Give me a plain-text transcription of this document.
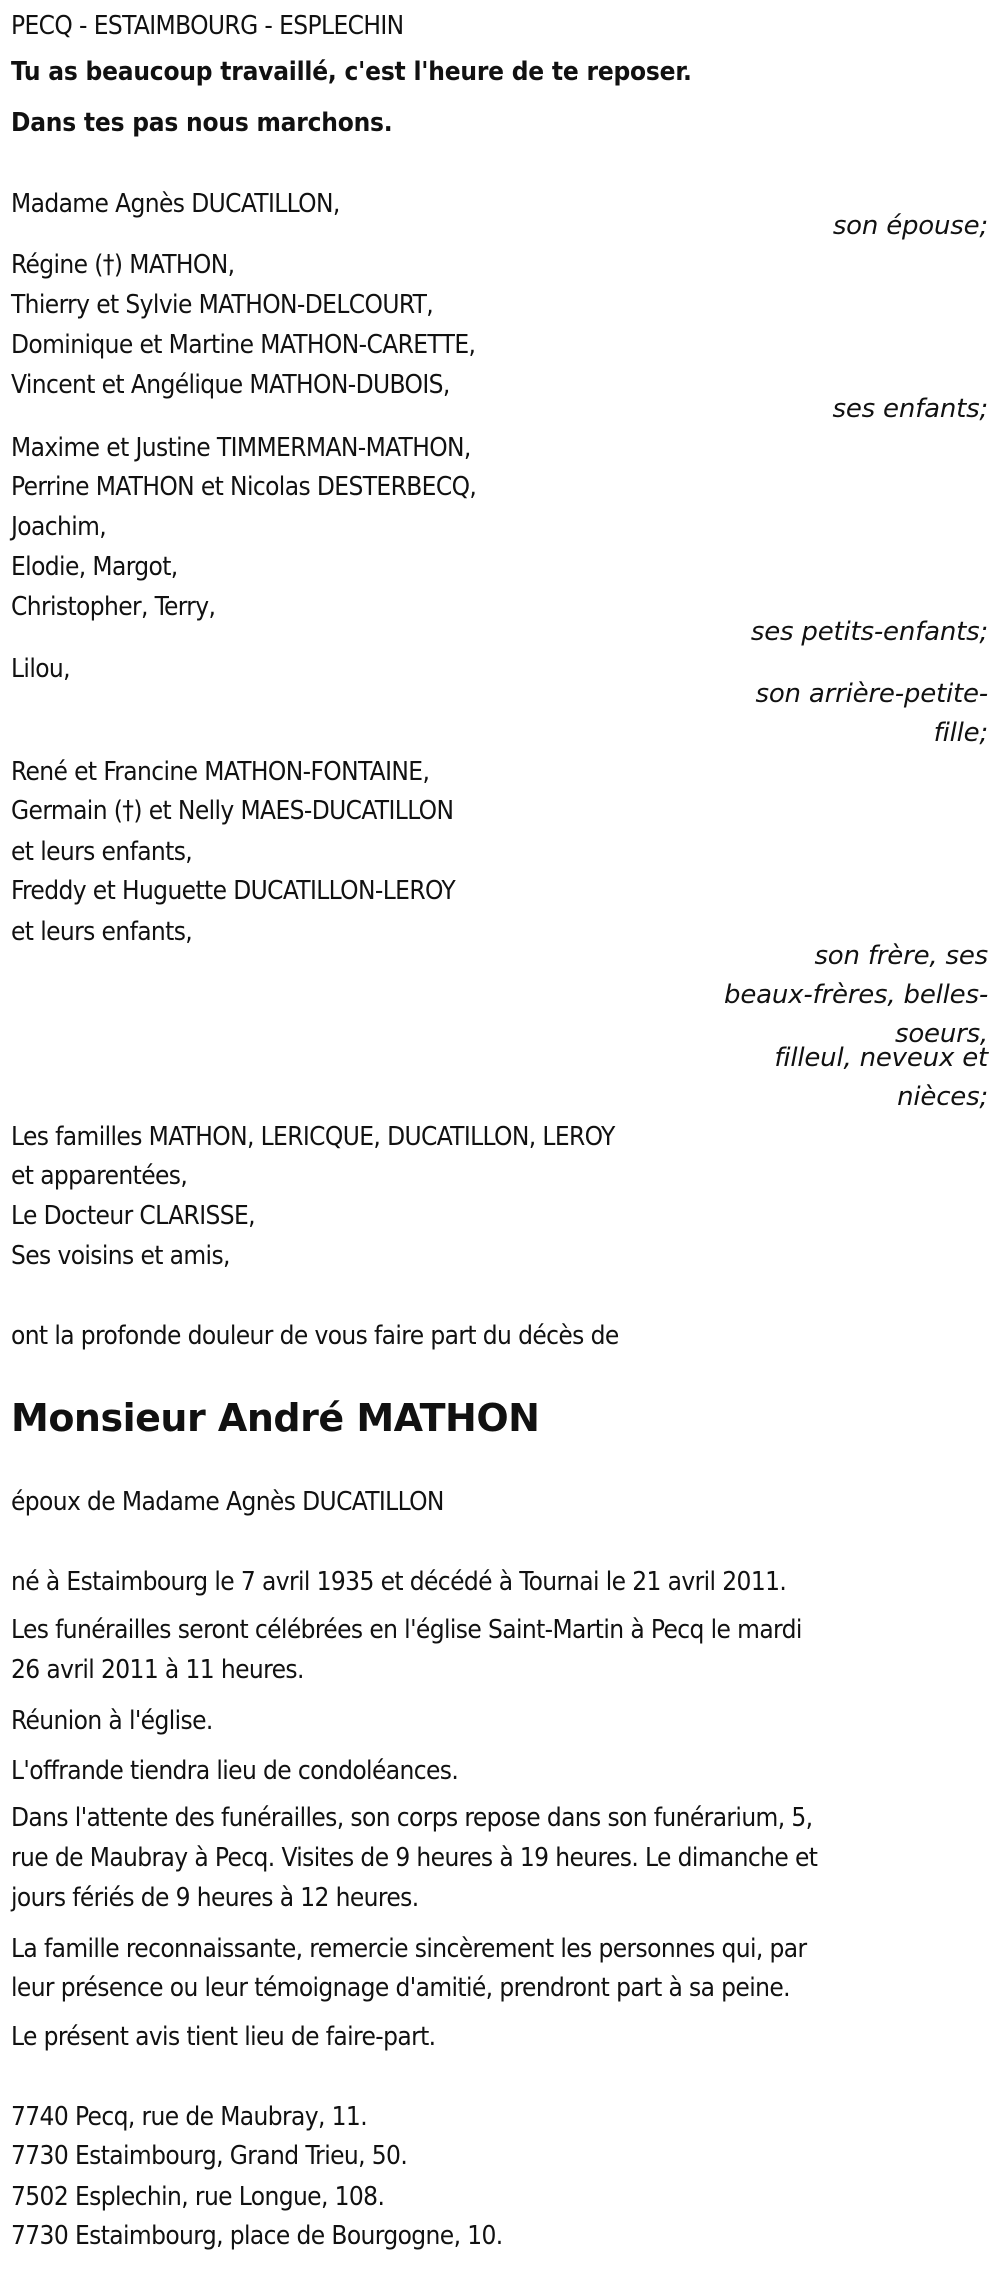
PECQ - ESTAIMBOURG - ESPLECHIN
Tu as beaucoup travaillé, c'est l'heure de te reposer.
Dans tes pas nous marchons.
Madame Agnès DUCATILLON,
son épouse;
Régine (†) MATHON,
Thierry et Sylvie MATHON-DELCOURT,
Dominique et Martine MATHON-CARETTE,
Vincent et Angélique MATHON-DUBOIS,
ses enfants;
Maxime et Justine TIMMERMAN-MATHON,
Perrine MATHON et Nicolas DESTERBECQ,
Joachim,
Elodie, Margot,
Christopher, Terry,
ses petits-enfants;
Lilou,
son arrière-petite-
fille;
René et Francine MATHON-FONTAINE,
Germain (†) et Nelly MAES-DUCATILLON
et leurs enfants,
Freddy et Huguette DUCATILLON-LEROY
et leurs enfants,
son frère, ses
beaux-frères, belles-
soeurs,
filleul, neveux et
nièces;
Les familles MATHON, LERICQUE, DUCATILLON, LEROY
et apparentées,
Le Docteur CLARISSE,
Ses voisins et amis,
ont la profonde douleur de vous faire part du décès de
Monsieur André MATHON
époux de Madame Agnès DUCATILLON
né à Estaimbourg le 7 avril 1935 et décédé à Tournai le 21 avril 2011.
Les funérailles seront célébrées en l'église Saint-Martin à Pecq le mardi
26 avril 2011 à 11 heures.
Réunion à l'église.
L'offrande tiendra lieu de condoléances.
Dans l'attente des funérailles, son corps repose dans son funérarium, 5,
rue de Maubray à Pecq. Visites de 9 heures à 19 heures. Le dimanche et
jours fériés de 9 heures à 12 heures.
La famille reconnaissante, remercie sincèrement les personnes qui, par
leur présence ou leur témoignage d'amitié, prendront part à sa peine.
Le présent avis tient lieu de faire-part.
7740 Pecq, rue de Maubray, 11.
7730 Estaimbourg, Grand Trieu, 50.
7502 Esplechin, rue Longue, 108.
7730 Estaimbourg, place de Bourgogne, 10.
